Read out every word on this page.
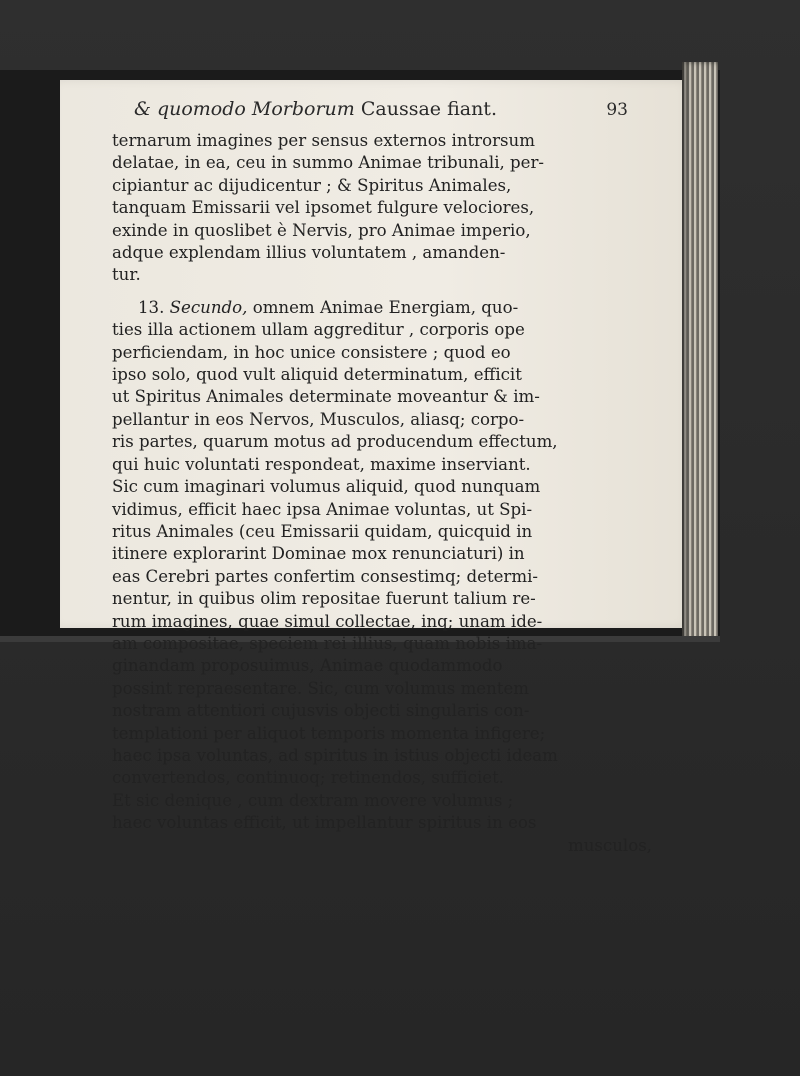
& quomodo Morborum Caussae fiant.	93
ternarum imagines per sensus externos introrsum
delatae, in ea, ceu in summo Animae tribunali, per-
cipiantur ac dijudicentur ; & Spiritus Animales,
tanquam Emissarii vel ipsomet fulgure velociores,
exinde in quoslibet è Nervis, pro Animae imperio,
adque explendam illius voluntatem , amanden-
tur.
13. Secundo, omnem Animae Energiam, quo-
ties illa actionem ullam aggreditur , corporis ope
perficiendam, in hoc unice consistere ; quod eo
ipso solo, quod vult aliquid determinatum, efficit
ut Spiritus Animales determinate moveantur & im-
pellantur in eos Nervos, Musculos, aliasq; corpo-
ris partes, quarum motus ad producendum effectum,
qui huic voluntati respondeat, maxime inserviant.
Sic cum imaginari volumus aliquid, quod nunquam
vidimus, efficit haec ipsa Animae voluntas, ut Spi-
ritus Animales (ceu Emissarii quidam, quicquid in
itinere explorarint Dominae mox renunciaturi) in
eas Cerebri partes confertim consestimq; determi-
nentur, in quibus olim repositae fuerunt talium re-
rum imagines, quae simul collectae, inq; unam ide-
am compositae, speciem rei illius, quam nobis ima-
ginandam proposuimus, Animae quodammodo
possint repraesentare. Sic, cum volumus mentem
nostram attentiori cujusvis objecti singularis con-
templationi per aliquot temporis momenta infigere;
haec ipsa voluntas, ad spiritus in istius objecti ideam
convertendos, continuoq; retinendos, sufficiet.
Et sic denique , cum dextram movere volumus ;
haec voluntas efficit, ut impellantur spiritus in eos
musculos,
